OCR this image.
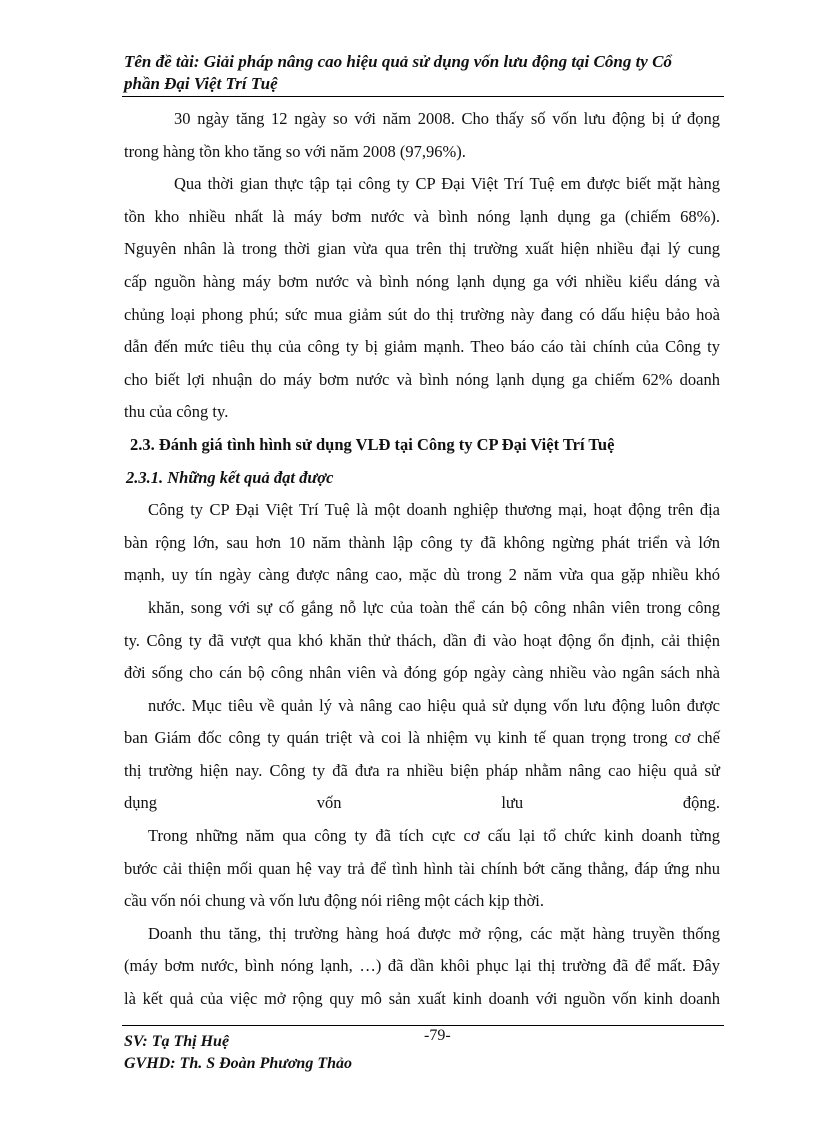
Tên đề tài: Giải pháp nâng cao hiệu quả sử dụng vốn lưu động tại Công ty Cổ
phần Đại Việt Trí Tuệ
30 ngày tăng 12 ngày so với năm 2008. Cho thấy số vốn lưu động bị ứ đọng
trong hàng tồn kho tăng so với năm 2008 (97,96%).
Qua thời gian thực tập tại công ty CP Đại Việt Trí Tuệ em được biết mặt hàng
tồn kho nhiều nhất là máy bơm nước và bình nóng lạnh dụng ga (chiếm 68%).
Nguyên nhân là trong thời gian vừa qua trên thị trường xuất hiện nhiều đại lý cung
cấp nguồn hàng máy bơm nước và bình nóng lạnh dụng ga với nhiều kiểu dáng và
chủng loại phong phú; sức mua giảm sút do thị trường này đang có dấu hiệu bảo hoà
dẫn đến mức tiêu thụ của công ty bị giảm mạnh. Theo báo cáo tài chính của Công ty
cho biết lợi nhuận do máy bơm nước và bình nóng lạnh dụng ga chiếm 62% doanh
thu của công ty.
2.3. Đánh giá tình hình sử dụng VLĐ tại Công ty CP Đại Việt Trí Tuệ
2.3.1. Những kết quả đạt được
Công ty CP Đại Việt Trí Tuệ là một doanh nghiệp thương mại, hoạt động trên địa
bàn rộng lớn, sau hơn 10 năm thành lập công ty đã không ngừng phát triển và lớn
mạnh, uy tín ngày càng được nâng cao, mặc dù trong 2 năm vừa qua gặp nhiều khó
khăn, song với sự cố gắng nỗ lực của toàn thể cán bộ công nhân viên trong công
ty. Công ty đã vượt qua khó khăn thử thách, dần đi vào hoạt động ổn định, cải thiện
đời sống cho cán bộ công nhân viên và đóng góp ngày càng nhiều vào ngân sách nhà
nước. Mục tiêu về quản lý và nâng cao hiệu quả sử dụng vốn lưu động luôn được
ban Giám đốc công ty quán triệt và coi là nhiệm vụ kinh tế quan trọng trong cơ chế
thị trường hiện nay. Công ty đã đưa ra nhiều biện pháp nhằm nâng cao hiệu quả sử
dụng vốn lưu động.
Trong những năm qua công ty đã tích cực cơ cấu lại tổ chức kinh doanh từng
bước cải thiện mối quan hệ vay trả để tình hình tài chính bớt căng thẳng, đáp ứng nhu
cầu vốn nói chung và vốn lưu động nói riêng một cách kịp thời.
Doanh thu tăng, thị trường hàng hoá được mở rộng, các mặt hàng truyền thống
(máy bơm nước, bình nóng lạnh, …) đã dần khôi phục lại thị trường đã để mất. Đây
là kết quả của việc mở rộng quy mô sản xuất kinh doanh với nguồn vốn kinh doanh
SV: Tạ Thị Huệ
GVHD: Th. S Đoàn Phương Thảo
-79-
